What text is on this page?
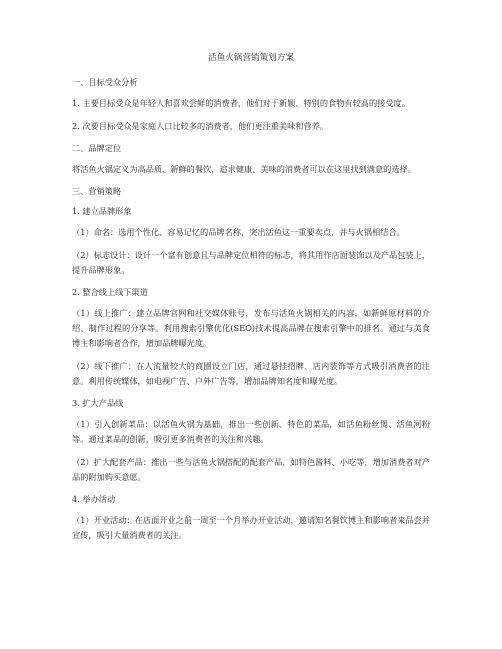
活鱼火锅营销策划方案
一、目标受众分析
1. 主要目标受众是年轻人和喜欢尝鲜的消费者，他们对于新颖、特别的食物有较高的接受度。
2. 次要目标受众是家庭人口比较多的消费者，他们更注重美味和营养。
二、品牌定位
将活鱼火锅定义为高品质、新鲜的餐饮，追求健康、美味的消费者可以在这里找到满意的选择。
三、营销策略
1. 建立品牌形象
（1）命名：选用个性化、容易记忆的品牌名称，突出活鱼这一重要卖点，并与火锅相结合。
（2）标志设计：设计一个富有创意且与品牌定位相符的标志，将其用作店面装饰以及产品包装上，提升品牌形象。
2. 整合线上线下渠道
（1）线上推广：建立品牌官网和社交媒体账号，发布与活鱼火锅相关的内容，如新鲜原材料的介绍、制作过程的分享等。利用搜索引擎优化(SEO)技术提高品牌在搜索引擎中的排名。通过与美食博主和影响者合作，增加品牌曝光度。
（2）线下推广：在人流量较大的商圈设立门店，通过悬挂招牌、店内装饰等方式吸引消费者的注意。利用传统媒体，如电视广告、户外广告等，增加品牌知名度和曝光度。
3. 扩大产品线
（1）引入创新菜品：以活鱼火锅为基础，推出一些创新、特色的菜品，如活鱼粉丝煲、活鱼河粉等。通过菜品的创新，吸引更多消费者的关注和兴趣。
（2）扩大配套产品：推出一些与活鱼火锅搭配的配套产品，如特色酱料、小吃等，增加消费者对产品的附加购买意愿。
4. 举办活动
（1）开业活动：在店面开业之前一周至一个月举办开业活动，邀请知名餐饮博主和影响者来品尝并宣传，吸引大量消费者的关注。
